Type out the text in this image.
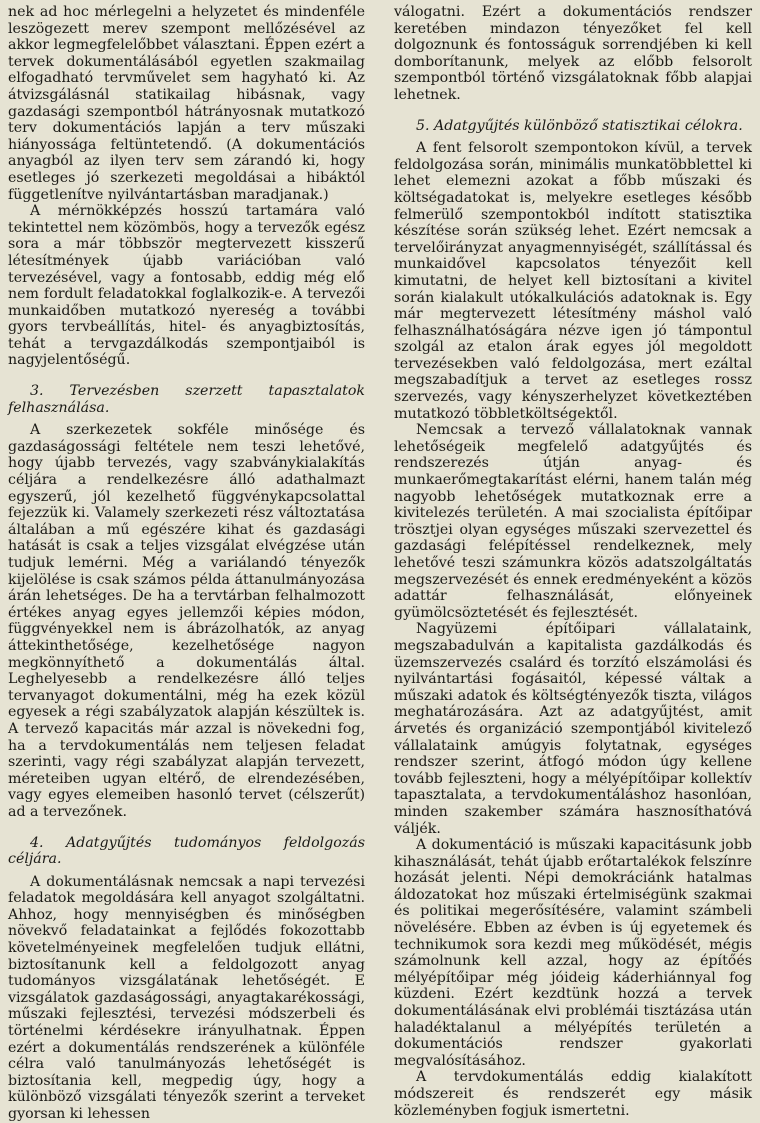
nek ad hoc mérlegelni a helyzetet és mindenféle leszögezett merev szempont mellőzésével az akkor legmegfelelőbbet választani. Éppen ezért a tervek dokumentálásából egyetlen szakmailag elfogadható tervművelet sem hagyható ki. Az átvizsgálásnál statikailag hibásnak, vagy gazdasági szempontból hátrányosnak mutatkozó terv dokumentációs lapján a terv műszaki hiányossága feltüntetendő. (A dokumentációs anyagból az ilyen terv sem zárandó ki, hogy esetleges jó szerkezeti megoldásai a hibáktól függetlenítve nyilvántartásban maradjanak.)

A mérnökképzés hosszú tartamára való tekintettel nem közömbös, hogy a tervezők egész sora a már többször megtervezett kisszerű létesítmények újabb variációban való tervezésével, vagy a fontosabb, eddig még elő nem fordult feladatokkal foglalkozik-e. A tervezői munkaidőben mutatkozó nyereség a további gyors tervbeállítás, hitel- és anyagbiztosítás, tehát a tervgazdálkodás szempontjaiból is nagyjelentőségű.

3. Tervezésben szerzett tapasztalatok felhasználása.

A szerkezetek sokféle minősége és gazdaságossági feltétele nem teszi lehetővé, hogy újabb tervezés, vagy szabványkialakítás céljára a rendelkezésre álló adathalmazt egyszerű, jól kezelhető függvénykapcsolattal fejezzük ki. Valamely szerkezeti rész változtatása általában a mű egészére kihat és gazdasági hatását is csak a teljes vizsgálat elvégzése után tudjuk lemérni. Még a variálandó tényezők kijelölése is csak számos példa áttanulmányozása árán lehetséges. De ha a tervtárban felhalmozott értékes anyag egyes jellemzői képies módon, függvényekkel nem is ábrázolhatók, az anyag áttekinthetősége, kezelhetősége nagyon megkönnyíthető a dokumentálás által. Leghelyesebb a rendelkezésre álló teljes tervanyagot dokumentálni, még ha ezek közül egyesek a régi szabályzatok alapján készültek is. A tervező kapacitás már azzal is növekedni fog, ha a tervdokumentálás nem teljesen feladat szerinti, vagy régi szabályzat alapján tervezett, méreteiben ugyan eltérő, de elrendezésében, vagy egyes elemeiben hasonló tervet (célszerűt) ad a tervezőnek.

4. Adatgyűjtés tudományos feldolgozás céljára.

A dokumentálásnak nemcsak a napi tervezési feladatok megoldására kell anyagot szolgáltatni. Ahhoz, hogy mennyiségben és minőségben növekvő feladatainkat a fejlődés fokozottabb követelményeinek megfelelően tudjuk ellátni, biztosítanunk kell a feldolgozott anyag tudományos vizsgálatának lehetőségét. E vizsgálatok gazdaságossági, anyagtakarékossági, műszaki fejlesztési, tervezési módszerbeli és történelmi kérdésekre irányulhatnak. Éppen ezért a dokumentálás rendszerének a különféle célra való tanulmányozás lehetőségét is biztosítania kell, megpedig úgy, hogy a különböző vizsgálati tényezők szerint a terveket gyorsan ki lehessen

válogatni. Ezért a dokumentációs rendszer keretében mindazon tényezőket fel kell dolgoznunk és fontosságuk sorrendjében ki kell domborítanunk, melyek az előbb felsorolt szempontból történő vizsgálatoknak főbb alapjai lehetnek.

5. Adatgyűjtés különböző statisztikai célokra.

A fent felsorolt szempontokon kívül, a tervek feldolgozása során, minimális munkatöbblettel ki lehet elemezni azokat a főbb műszaki és költségadatokat is, melyekre esetleges később felmerülő szempontokból indított statisztika készítése során szükség lehet. Ezért nemcsak a tervelőirányzat anyagmennyiségét, szállítással és munkaidővel kapcsolatos tényezőit kell kimutatni, de helyet kell biztosítani a kivitel során kialakult utókalkulációs adatoknak is. Egy már megtervezett létesítmény máshol való felhasználhatóságára nézve igen jó támpontul szolgál az etalon árak egyes jól megoldott tervezésekben való feldolgozása, mert ezáltal megszabadítjuk a tervet az esetleges rossz szervezés, vagy kényszerhelyzet következtében mutatkozó többletköltségektől.

Nemcsak a tervező vállalatoknak vannak lehetőségeik megfelelő adatgyűjtés és rendszerezés útján anyag- és munkaerőmegtakarítást elérni, hanem talán még nagyobb lehetőségek mutatkoznak erre a kivitelezés területén. A mai szocialista építőipar trösztjei olyan egységes műszaki szervezettel és gazdasági felépítéssel rendelkeznek, mely lehetővé teszi számunkra közös adatszolgáltatás megszervezését és ennek eredményeként a közös adattár felhasználását, előnyeinek gyümölcsöztetését és fejlesztését.

Nagyüzemi építőipari vállalataink, megszabadulván a kapitalista gazdálkodás és üzemszervezés csalárd és torzító elszámolási és nyilvántartási fogásaitól, képessé váltak a műszaki adatok és költségtényezők tiszta, világos meghatározására. Azt az adatgyűjtést, amit árvetés és organizáció szempontjából kivitelező vállalataink amúgyis folytatnak, egységes rendszer szerint, átfogó módon úgy kellene tovább fejleszteni, hogy a mélyépítőipar kollektív tapasztalata, a tervdokumentáláshoz hasonlóan, minden szakember számára hasznosíthatóvá váljék.

A dokumentáció is műszaki kapacitásunk jobb kihasználását, tehát újabb erőtartalékok felszínre hozását jelenti. Népi demokráciánk hatalmas áldozatokat hoz műszaki értelmiségünk szakmai és politikai megerősítésére, valamint számbeli növelésére. Ebben az évben is új egyetemek és technikumok sora kezdi meg működését, mégis számolnunk kell azzal, hogy az építőés mélyépítőipar még jóideig káderhiánnyal fog küzdeni. Ezért kezdtünk hozzá a tervek dokumentálásának elvi problémái tisztázása után haladéktalanul a mélyépítés területén a dokumentációs rendszer gyakorlati megvalósításához.

A tervdokumentálás eddig kialakított módszereit és rendszerét egy másik közleményben fogjuk ismertetni.
